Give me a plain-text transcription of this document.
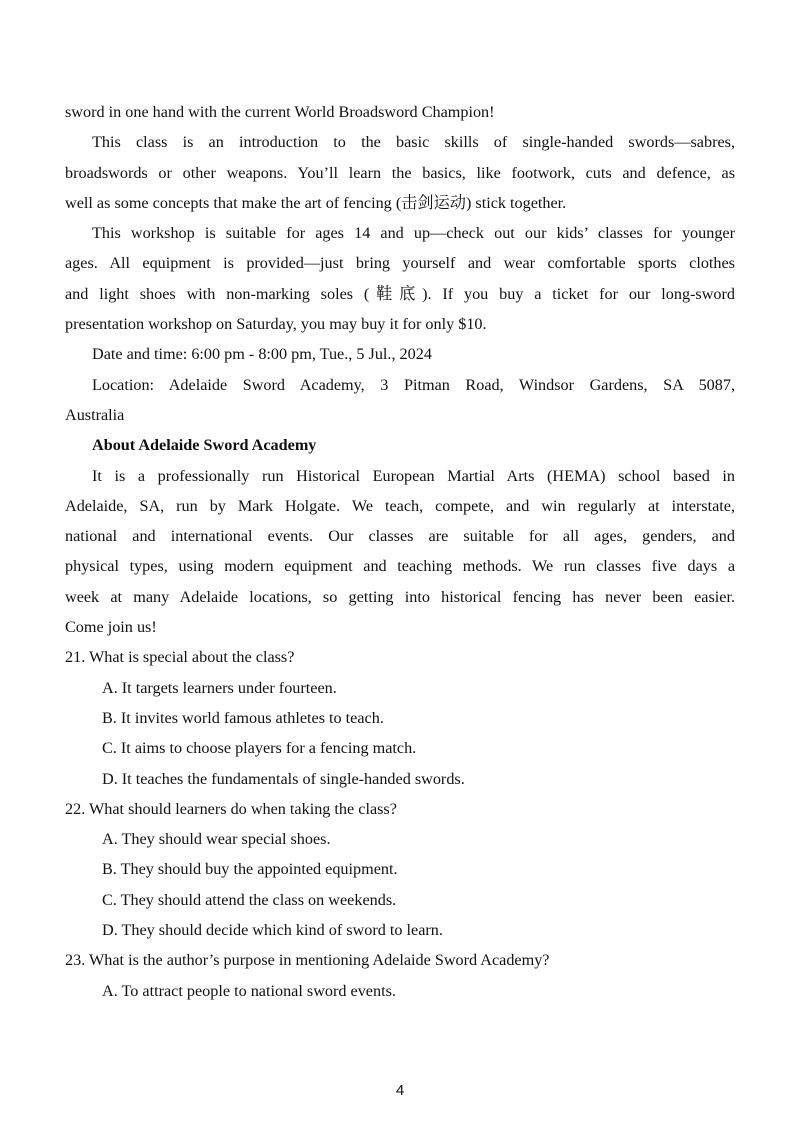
sword in one hand with the current World Broadsword Champion!
This class is an introduction to the basic skills of single-handed swords—sabres,
broadswords or other weapons. You’ll learn the basics, like footwork, cuts and defence, as
well as some concepts that make the art of fencing (击剑运动) stick together.
This workshop is suitable for ages 14 and up—check out our kids’ classes for younger
ages. All equipment is provided—just bring yourself and wear comfortable sports clothes
and light shoes with non-marking soles (鞋底). If you buy a ticket for our long-sword
presentation workshop on Saturday, you may buy it for only $10.
Date and time: 6:00 pm - 8:00 pm, Tue., 5 Jul., 2024
Location: Adelaide Sword Academy, 3 Pitman Road, Windsor Gardens, SA 5087,
Australia
About Adelaide Sword Academy
It is a professionally run Historical European Martial Arts (HEMA) school based in
Adelaide, SA, run by Mark Holgate. We teach, compete, and win regularly at interstate,
national and international events. Our classes are suitable for all ages, genders, and
physical types, using modern equipment and teaching methods. We run classes five days a
week at many Adelaide locations, so getting into historical fencing has never been easier.
Come join us!
21. What is special about the class?
A. It targets learners under fourteen.
B. It invites world famous athletes to teach.
C. It aims to choose players for a fencing match.
D. It teaches the fundamentals of single-handed swords.
22. What should learners do when taking the class?
A. They should wear special shoes.
B. They should buy the appointed equipment.
C. They should attend the class on weekends.
D. They should decide which kind of sword to learn.
23. What is the author’s purpose in mentioning Adelaide Sword Academy?
A. To attract people to national sword events.
4
